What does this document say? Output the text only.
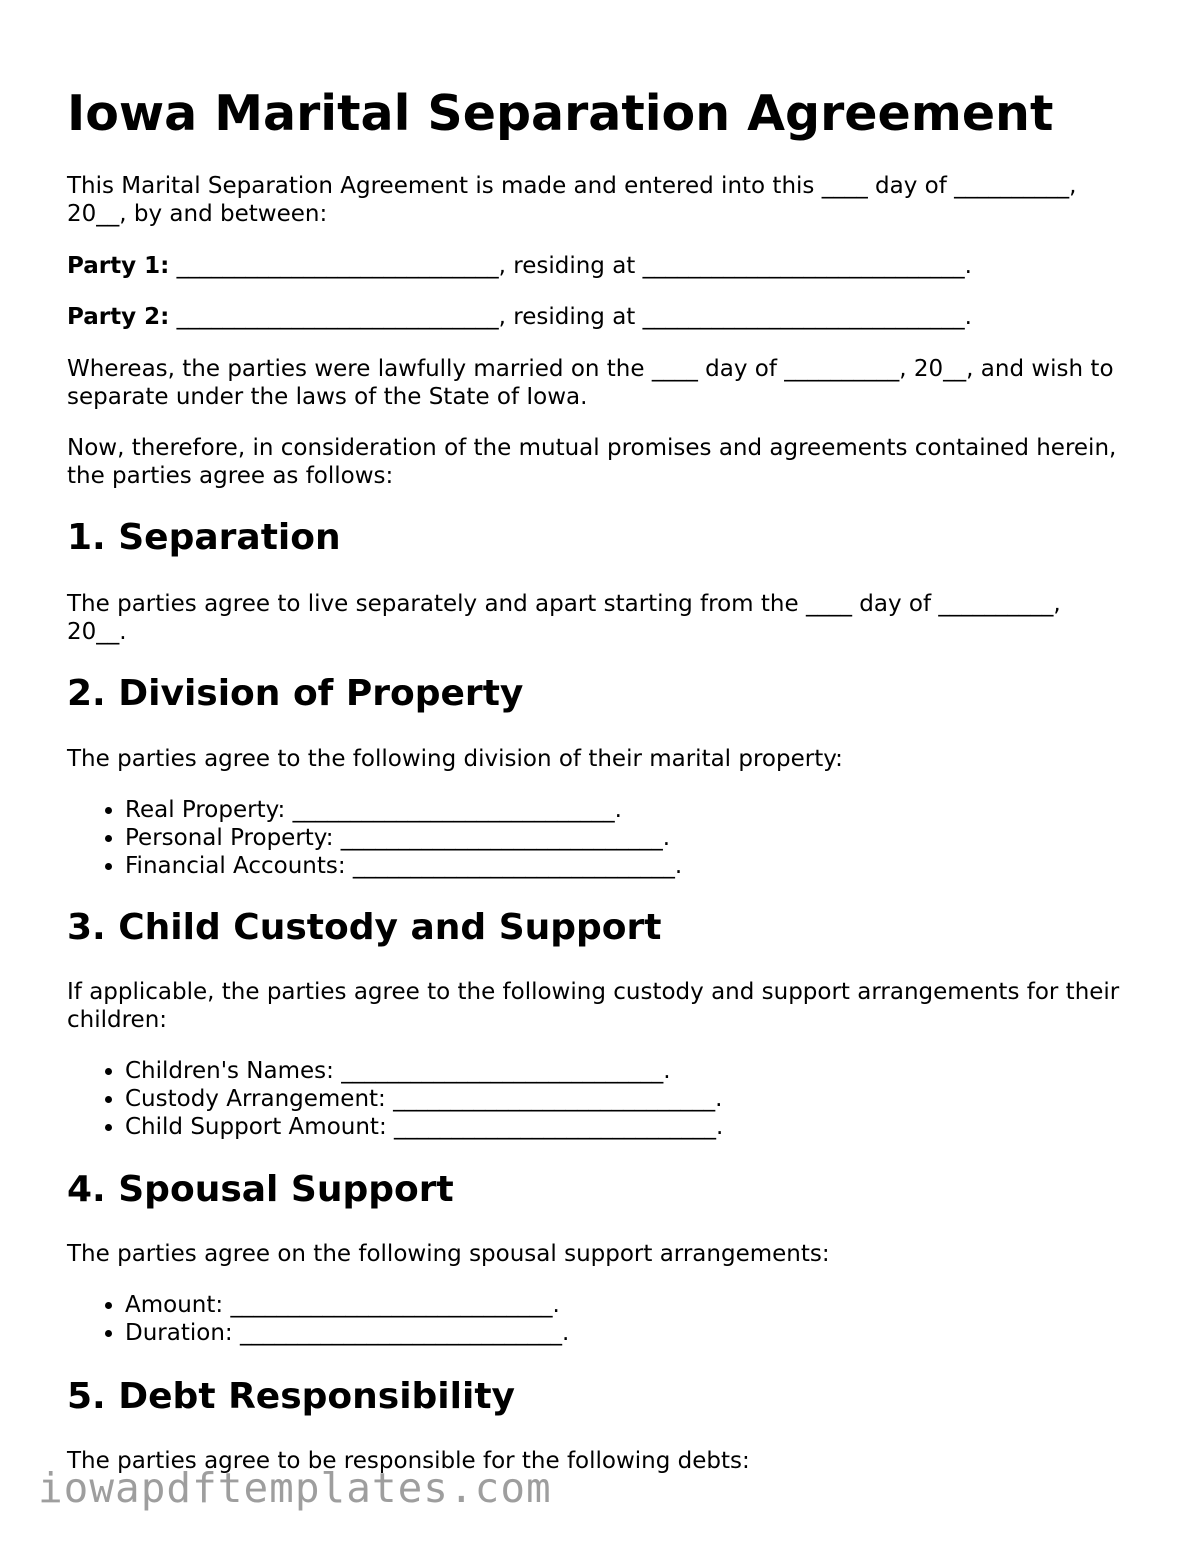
Iowa Marital Separation Agreement

This Marital Separation Agreement is made and entered into this ____ day of __________, 20__, by and between:

Party 1: ____________________________, residing at ____________________________.

Party 2: ____________________________, residing at ____________________________.

Whereas, the parties were lawfully married on the ____ day of __________, 20__, and wish to separate under the laws of the State of Iowa.

Now, therefore, in consideration of the mutual promises and agreements contained herein, the parties agree as follows:

1. Separation

The parties agree to live separately and apart starting from the ____ day of __________, 20__.

2. Division of Property

The parties agree to the following division of their marital property:

• Real Property: ____________________________.
• Personal Property: ____________________________.
• Financial Accounts: ____________________________.
3. Child Custody and Support

If applicable, the parties agree to the following custody and support arrangements for their children:

• Children's Names: ____________________________.
• Custody Arrangement: ____________________________.
• Child Support Amount: ____________________________.
4. Spousal Support

The parties agree on the following spousal support arrangements:

• Amount: ____________________________.
• Duration: ____________________________.
5. Debt Responsibility

The parties agree to be responsible for the following debts:

iowapdftemplates.com
